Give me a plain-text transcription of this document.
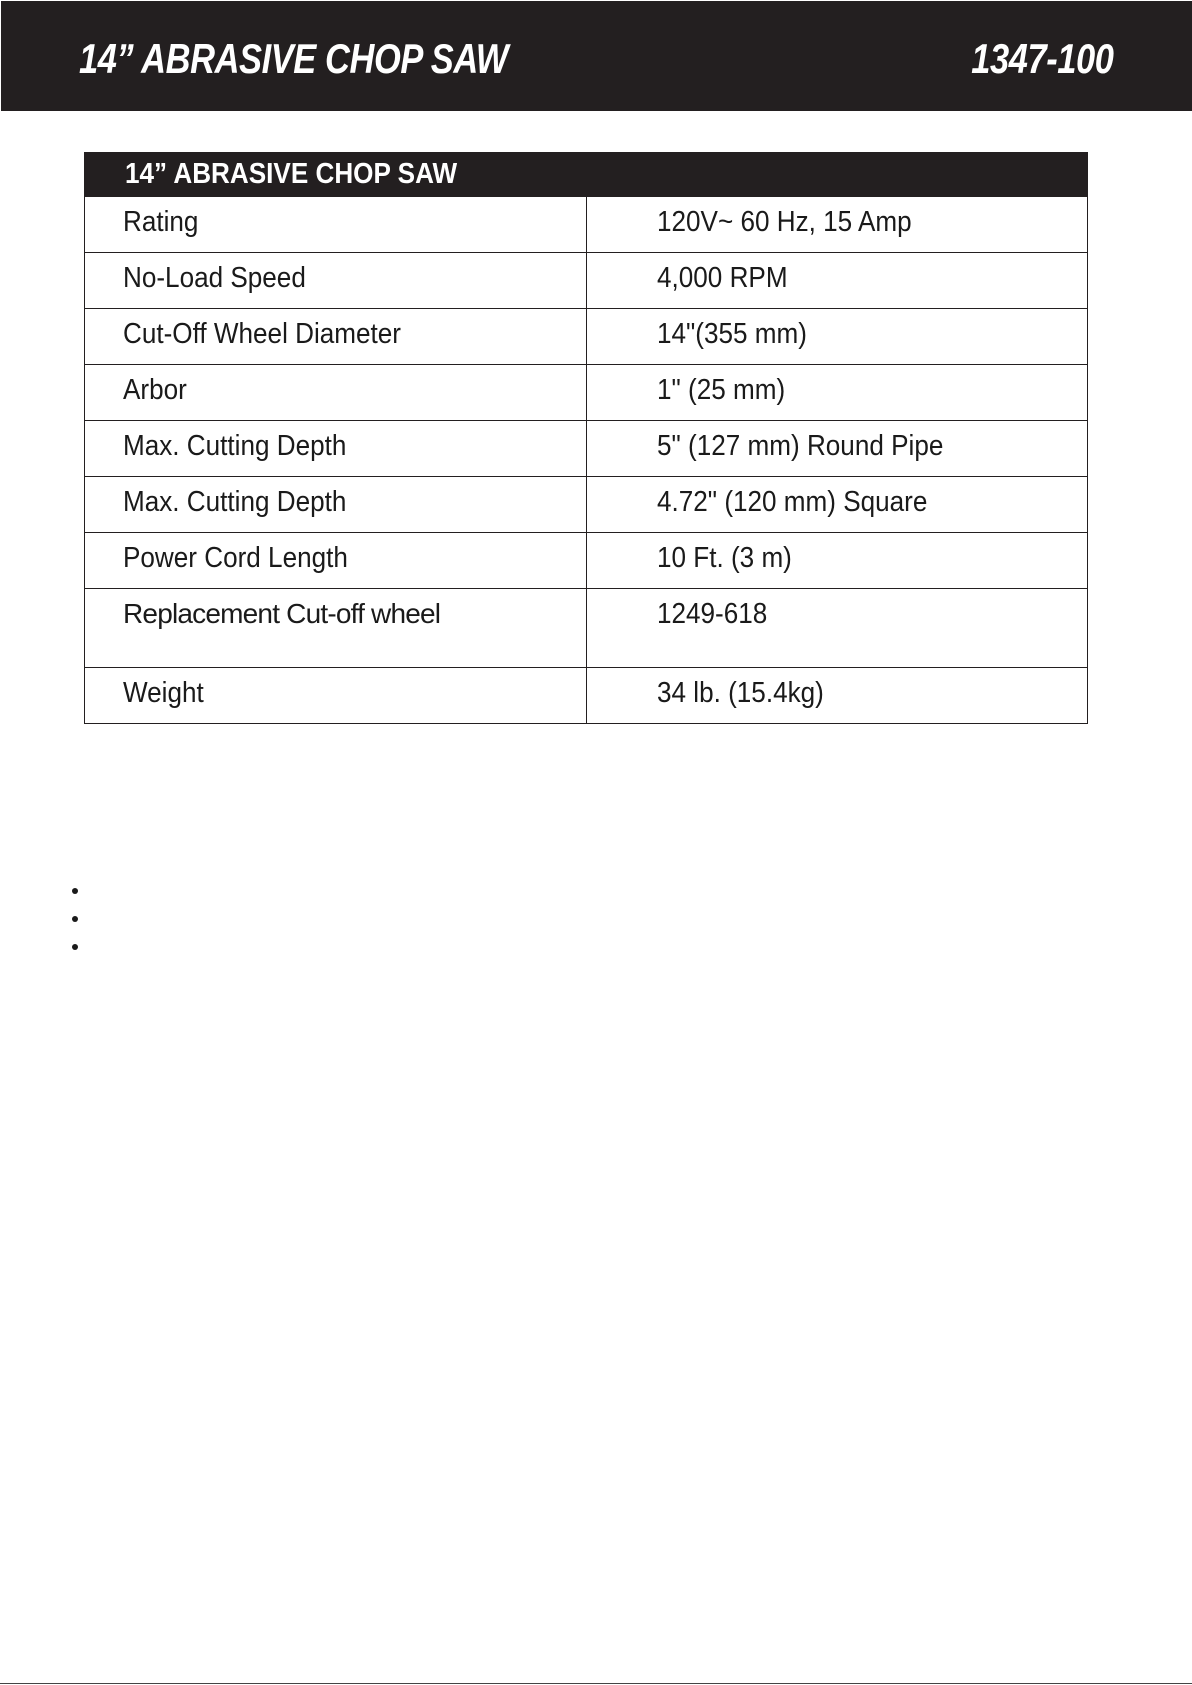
14” ABRASIVE CHOP SAW	1347-100
14” ABRASIVE CHOP SAW	
Rating	120V~ 60 Hz, 15 Amp
No-Load Speed	4,000 RPM
Cut-Off Wheel Diameter	14"(355 mm)
Arbor	1" (25 mm)
Max. Cutting Depth	5" (127 mm) Round Pipe
Max. Cutting Depth	4.72" (120 mm) Square
Power Cord Length	10 Ft. (3 m)
Replacement Cut-off wheel	1249-618
Weight	34 lb. (15.4kg)
